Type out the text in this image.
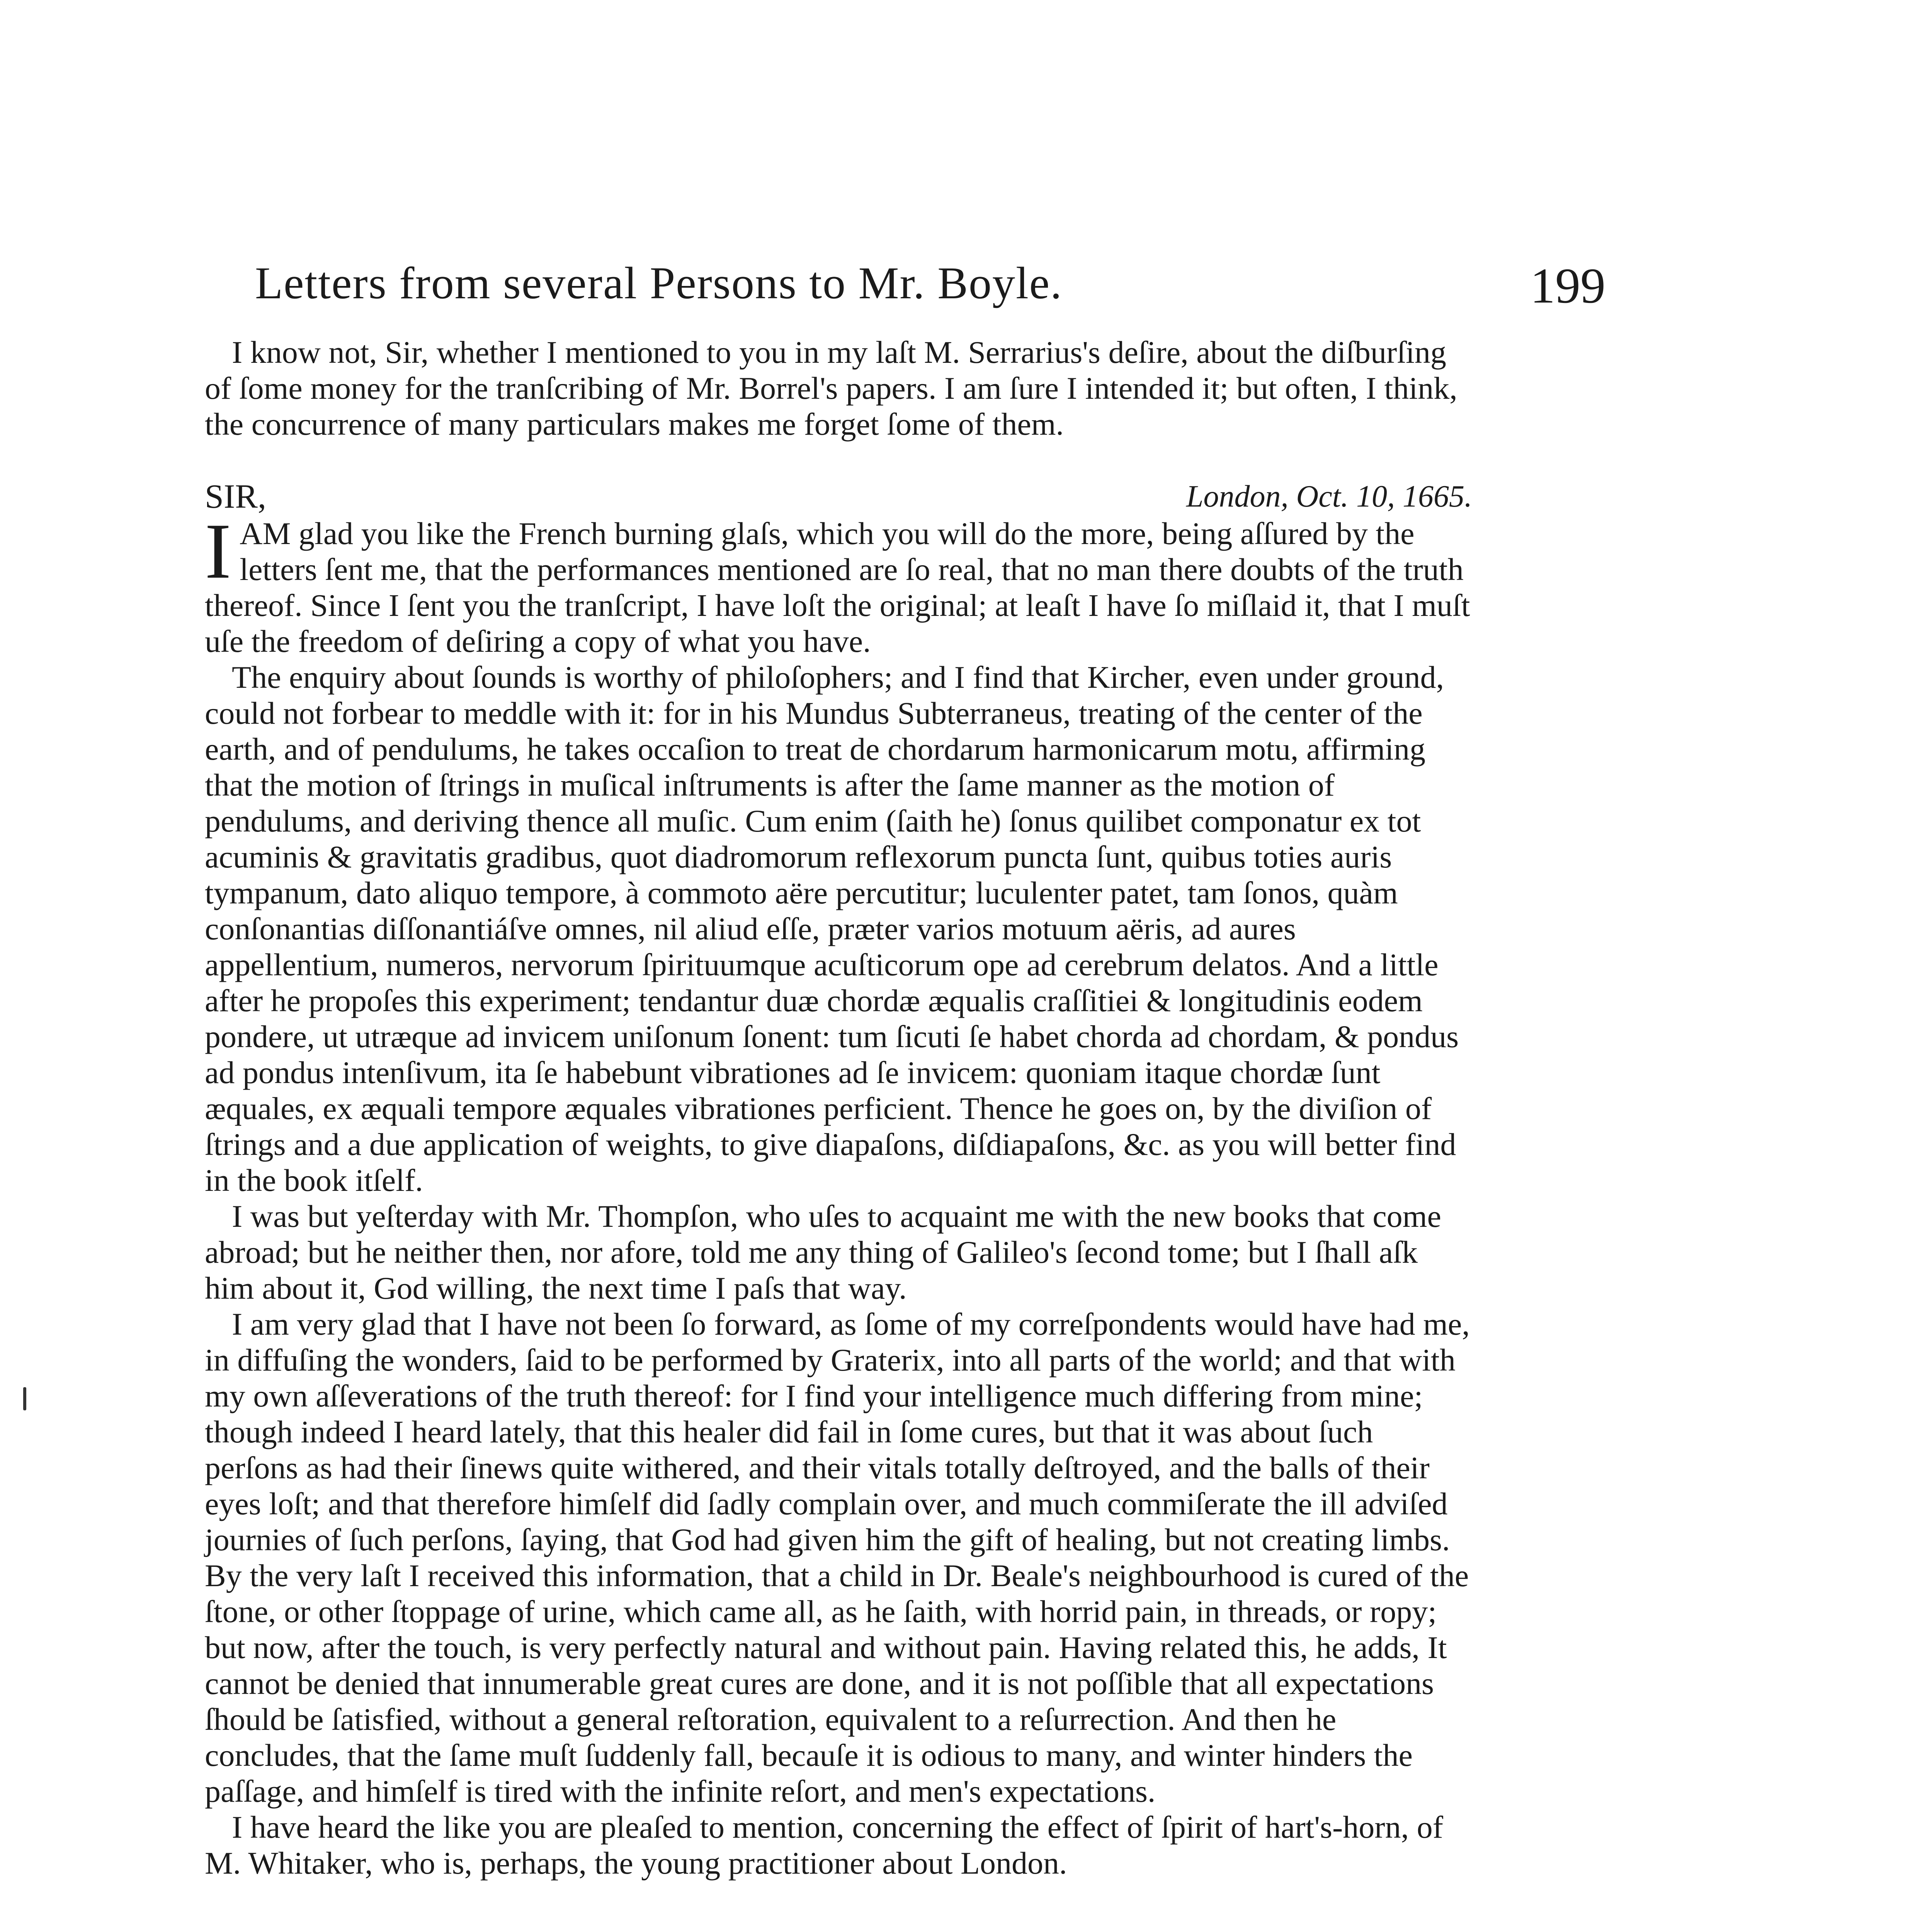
Letters from several Persons to Mr. Boyle.	199

I know not, Sir, whether I mentioned to you in my laſt M. Serrarius's deſire, about the diſburſing of ſome money for the tranſcribing of Mr. Borrel's papers. I am ſure I intended it; but often, I think, the concurrence of many particulars makes me forget ſome of them.

SIR,	London, Oct. 10, 1665.
I AM glad you like the French burning glaſs, which you will do the more, being aſſured by the letters ſent me, that the performances mentioned are ſo real, that no man there doubts of the truth thereof. Since I ſent you the tranſcript, I have loſt the original; at leaſt I have ſo miſlaid it, that I muſt uſe the freedom of deſiring a copy of what you have.

The enquiry about ſounds is worthy of philoſophers; and I find that Kircher, even under ground, could not forbear to meddle with it: for in his Mundus Subterraneus, treating of the center of the earth, and of pendulums, he takes occaſion to treat de chordarum harmonicarum motu, affirming that the motion of ſtrings in muſical inſtruments is after the ſame manner as the motion of pendulums, and deriving thence all muſic. Cum enim (ſaith he) ſonus quilibet componatur ex tot acuminis & gravitatis gradibus, quot diadromorum reflexorum puncta ſunt, quibus toties auris tympanum, dato aliquo tempore, à commoto aëre percutitur; luculenter patet, tam ſonos, quàm conſonantias diſſonantiáſve omnes, nil aliud eſſe, præter varios motuum aëris, ad aures appellentium, numeros, nervorum ſpirituumque acuſticorum ope ad cerebrum delatos. And a little after he propoſes this experiment; tendantur duæ chordæ æqualis craſſitiei & longitudinis eodem pondere, ut utræque ad invicem uniſonum ſonent: tum ſicuti ſe habet chorda ad chordam, & pondus ad pondus intenſivum, ita ſe habebunt vibrationes ad ſe invicem: quoniam itaque chordæ ſunt æquales, ex æquali tempore æquales vibrationes perficient. Thence he goes on, by the diviſion of ſtrings and a due application of weights, to give diapaſons, diſdiapaſons, &c. as you will better find in the book itſelf.

I was but yeſterday with Mr. Thompſon, who uſes to acquaint me with the new books that come abroad; but he neither then, nor afore, told me any thing of Galileo's ſecond tome; but I ſhall aſk him about it, God willing, the next time I paſs that way.

I am very glad that I have not been ſo forward, as ſome of my correſpondents would have had me, in diffuſing the wonders, ſaid to be performed by Graterix, into all parts of the world; and that with my own aſſeverations of the truth thereof: for I find your intelligence much differing from mine; though indeed I heard lately, that this healer did fail in ſome cures, but that it was about ſuch perſons as had their ſinews quite withered, and their vitals totally deſtroyed, and the balls of their eyes loſt; and that therefore himſelf did ſadly complain over, and much commiſerate the ill adviſed journies of ſuch perſons, ſaying, that God had given him the gift of healing, but not creating limbs. By the very laſt I received this information, that a child in Dr. Beale's neighbourhood is cured of the ſtone, or other ſtoppage of urine, which came all, as he ſaith, with horrid pain, in threads, or ropy; but now, after the touch, is very perfectly natural and without pain. Having related this, he adds, It cannot be denied that innumerable great cures are done, and it is not poſſible that all expectations ſhould be ſatisfied, without a general reſtoration, equivalent to a reſurrection. And then he concludes, that the ſame muſt ſuddenly fall, becauſe it is odious to many, and winter hinders the paſſage, and himſelf is tired with the infinite reſort, and men's expectations.

I have heard the like you are pleaſed to mention, concerning the effect of ſpirit of hart's-horn, of M. Whitaker, who is, perhaps, the young practitioner about London.
